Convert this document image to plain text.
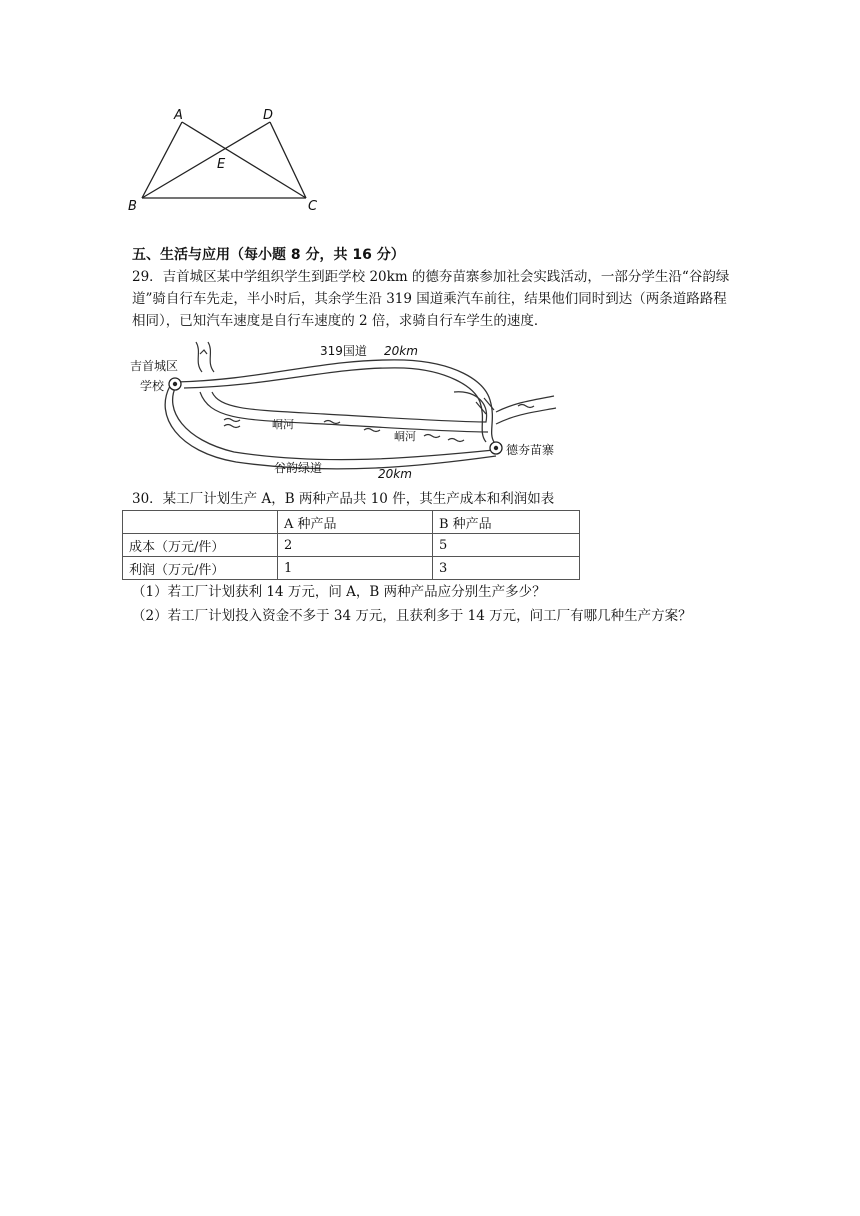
A	D
E
B	C
五、生活与应用（每小题 8 分，共 16 分）
29．吉首城区某中学组织学生到距学校 20km 的德夯苗寨参加社会实践活动，一部分学生沿“谷韵绿道”骑自行车先走，半小时后，其余学生沿 319 国道乘汽车前往，结果他们同时到达（两条道路路程相同），已知汽车速度是自行车速度的 2 倍，求骑自行车学生的速度．
吉首城区
学校
319国道 20km
峒河
峒河
谷韵绿道	20km
德夯苗寨
30．某工厂计划生产 A，B 两种产品共 10 件，其生产成本和利润如表
	A 种产品	B 种产品
成本（万元/件）	2	5
利润（万元/件）	1	3
（1）若工厂计划获利 14 万元，问 A，B 两种产品应分别生产多少？
（2）若工厂计划投入资金不多于 34 万元，且获利多于 14 万元，问工厂有哪几种生产方案？
